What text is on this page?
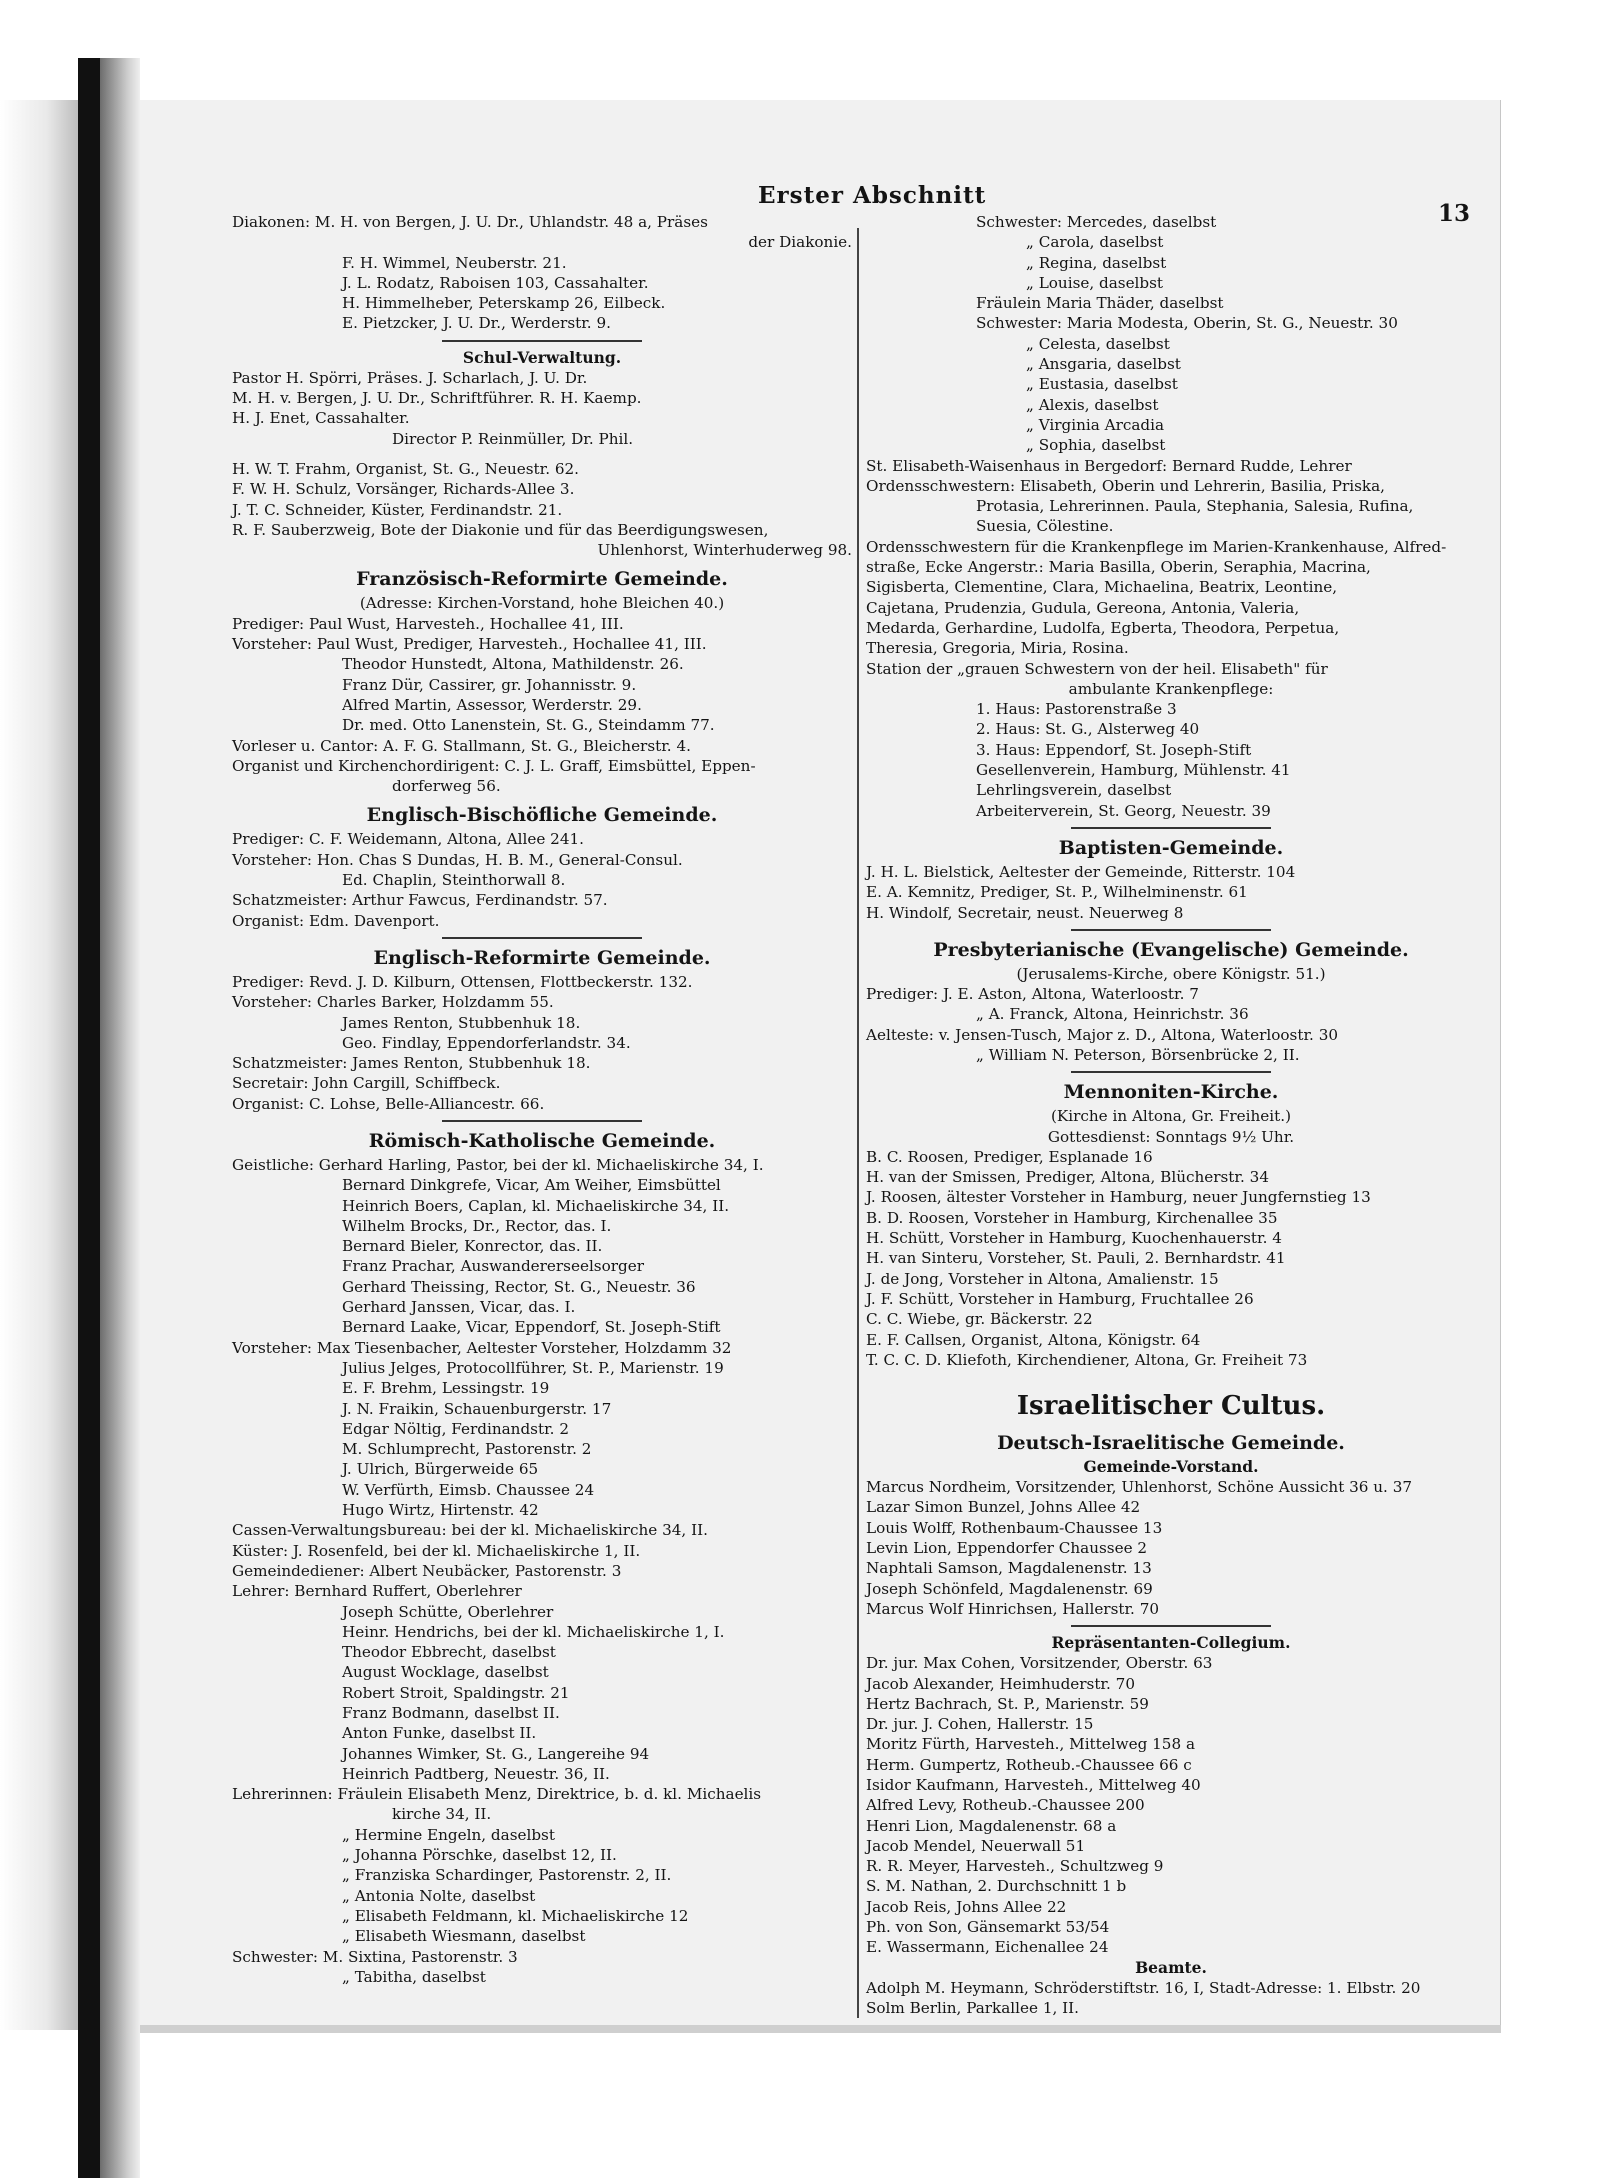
Erster Abschnitt
13
Diakonen: M. H. von Bergen, J. U. Dr., Uhlandstr. 48 a, Präses
der Diakonie.
F. H. Wimmel, Neuberstr. 21.
J. L. Rodatz, Raboisen 103, Cassahalter.
H. Himmelheber, Peterskamp 26, Eilbeck.
E. Pietzcker, J. U. Dr., Werderstr. 9.
Schul-Verwaltung.
Pastor H. Spörri, Präses. J. Scharlach, J. U. Dr.
M. H. v. Bergen, J. U. Dr., Schriftführer. R. H. Kaemp.
H. J. Enet, Cassahalter.
Director P. Reinmüller, Dr. Phil.
H. W. T. Frahm, Organist, St. G., Neuestr. 62.
F. W. H. Schulz, Vorsänger, Richards-Allee 3.
J. T. C. Schneider, Küster, Ferdinandstr. 21.
R. F. Sauberzweig, Bote der Diakonie und für das Beerdigungswesen,
Uhlenhorst, Winterhuderweg 98.
Französisch-Reformirte Gemeinde.
(Adresse: Kirchen-Vorstand, hohe Bleichen 40.)
Prediger: Paul Wust, Harvesteh., Hochallee 41, III.
Vorsteher: Paul Wust, Prediger, Harvesteh., Hochallee 41, III.
Theodor Hunstedt, Altona, Mathildenstr. 26.
Franz Dür, Cassirer, gr. Johannisstr. 9.
Alfred Martin, Assessor, Werderstr. 29.
Dr. med. Otto Lanenstein, St. G., Steindamm 77.
Vorleser u. Cantor: A. F. G. Stallmann, St. G., Bleicherstr. 4.
Organist und Kirchenchordirigent: C. J. L. Graff, Eimsbüttel, Eppen-
dorferweg 56.
Englisch-Bischöfliche Gemeinde.
Prediger: C. F. Weidemann, Altona, Allee 241.
Vorsteher: Hon. Chas S Dundas, H. B. M., General-Consul.
Ed. Chaplin, Steinthorwall 8.
Schatzmeister: Arthur Fawcus, Ferdinandstr. 57.
Organist: Edm. Davenport.
Englisch-Reformirte Gemeinde.
Prediger: Revd. J. D. Kilburn, Ottensen, Flottbeckerstr. 132.
Vorsteher: Charles Barker, Holzdamm 55.
James Renton, Stubbenhuk 18.
Geo. Findlay, Eppendorferlandstr. 34.
Schatzmeister: James Renton, Stubbenhuk 18.
Secretair: John Cargill, Schiffbeck.
Organist: C. Lohse, Belle-Alliancestr. 66.
Römisch-Katholische Gemeinde.
Geistliche: Gerhard Harling, Pastor, bei der kl. Michaeliskirche 34, I.
Bernard Dinkgrefe, Vicar, Am Weiher, Eimsbüttel
Heinrich Boers, Caplan, kl. Michaeliskirche 34, II.
Wilhelm Brocks, Dr., Rector, das. I.
Bernard Bieler, Konrector, das. II.
Franz Prachar, Auswandererseelsorger
Gerhard Theissing, Rector, St. G., Neuestr. 36
Gerhard Janssen, Vicar, das. I.
Bernard Laake, Vicar, Eppendorf, St. Joseph-Stift
Vorsteher: Max Tiesenbacher, Aeltester Vorsteher, Holzdamm 32
Julius Jelges, Protocollführer, St. P., Marienstr. 19
E. F. Brehm, Lessingstr. 19
J. N. Fraikin, Schauenburgerstr. 17
Edgar Nöltig, Ferdinandstr. 2
M. Schlumprecht, Pastorenstr. 2
J. Ulrich, Bürgerweide 65
W. Verfürth, Eimsb. Chaussee 24
Hugo Wirtz, Hirtenstr. 42
Cassen-Verwaltungsbureau: bei der kl. Michaeliskirche 34, II.
Küster: J. Rosenfeld, bei der kl. Michaeliskirche 1, II.
Gemeindediener: Albert Neubäcker, Pastorenstr. 3
Lehrer: Bernhard Ruffert, Oberlehrer
Joseph Schütte, Oberlehrer
Heinr. Hendrichs, bei der kl. Michaeliskirche 1, I.
Theodor Ebbrecht, daselbst
August Wocklage, daselbst
Robert Stroit, Spaldingstr. 21
Franz Bodmann, daselbst II.
Anton Funke, daselbst II.
Johannes Wimker, St. G., Langereihe 94
Heinrich Padtberg, Neuestr. 36, II.
Lehrerinnen: Fräulein Elisabeth Menz, Direktrice, b. d. kl. Michaelis
kirche 34, II.
„ Hermine Engeln, daselbst
„ Johanna Pörschke, daselbst 12, II.
„ Franziska Schardinger, Pastorenstr. 2, II.
„ Antonia Nolte, daselbst
„ Elisabeth Feldmann, kl. Michaeliskirche 12
„ Elisabeth Wiesmann, daselbst
Schwester: M. Sixtina, Pastorenstr. 3
„ Tabitha, daselbst
Schwester: Mercedes, daselbst
„ Carola, daselbst
„ Regina, daselbst
„ Louise, daselbst
Fräulein Maria Thäder, daselbst
Schwester: Maria Modesta, Oberin, St. G., Neuestr. 30
„ Celesta, daselbst
„ Ansgaria, daselbst
„ Eustasia, daselbst
„ Alexis, daselbst
„ Virginia Arcadia
„ Sophia, daselbst
St. Elisabeth-Waisenhaus in Bergedorf: Bernard Rudde, Lehrer
Ordensschwestern: Elisabeth, Oberin und Lehrerin, Basilia, Priska,
Protasia, Lehrerinnen. Paula, Stephania, Salesia, Rufina,
Suesia, Cölestine.
Ordensschwestern für die Krankenpflege im Marien-Krankenhause, Alfred-
straße, Ecke Angerstr.: Maria Basilla, Oberin, Seraphia, Macrina,
Sigisberta, Clementine, Clara, Michaelina, Beatrix, Leontine,
Cajetana, Prudenzia, Gudula, Gereona, Antonia, Valeria,
Medarda, Gerhardine, Ludolfa, Egberta, Theodora, Perpetua,
Theresia, Gregoria, Miria, Rosina.
Station der „grauen Schwestern von der heil. Elisabeth" für
ambulante Krankenpflege:
1. Haus: Pastorenstraße 3
2. Haus: St. G., Alsterweg 40
3. Haus: Eppendorf, St. Joseph-Stift
Gesellenverein, Hamburg, Mühlenstr. 41
Lehrlingsverein, daselbst
Arbeiterverein, St. Georg, Neuestr. 39
Baptisten-Gemeinde.
J. H. L. Bielstick, Aeltester der Gemeinde, Ritterstr. 104
E. A. Kemnitz, Prediger, St. P., Wilhelminenstr. 61
H. Windolf, Secretair, neust. Neuerweg 8
Presbyterianische (Evangelische) Gemeinde.
(Jerusalems-Kirche, obere Königstr. 51.)
Prediger: J. E. Aston, Altona, Waterloostr. 7
„ A. Franck, Altona, Heinrichstr. 36
Aelteste: v. Jensen-Tusch, Major z. D., Altona, Waterloostr. 30
„ William N. Peterson, Börsenbrücke 2, II.
Mennoniten-Kirche.
(Kirche in Altona, Gr. Freiheit.)
Gottesdienst: Sonntags 9½ Uhr.
B. C. Roosen, Prediger, Esplanade 16
H. van der Smissen, Prediger, Altona, Blücherstr. 34
J. Roosen, ältester Vorsteher in Hamburg, neuer Jungfernstieg 13
B. D. Roosen, Vorsteher in Hamburg, Kirchenallee 35
H. Schütt, Vorsteher in Hamburg, Kuochenhauerstr. 4
H. van Sinteru, Vorsteher, St. Pauli, 2. Bernhardstr. 41
J. de Jong, Vorsteher in Altona, Amalienstr. 15
J. F. Schütt, Vorsteher in Hamburg, Fruchtallee 26
C. C. Wiebe, gr. Bäckerstr. 22
E. F. Callsen, Organist, Altona, Königstr. 64
T. C. C. D. Kliefoth, Kirchendiener, Altona, Gr. Freiheit 73
Israelitischer Cultus.
Deutsch-Israelitische Gemeinde.
Gemeinde-Vorstand.
Marcus Nordheim, Vorsitzender, Uhlenhorst, Schöne Aussicht 36 u. 37
Lazar Simon Bunzel, Johns Allee 42
Louis Wolff, Rothenbaum-Chaussee 13
Levin Lion, Eppendorfer Chaussee 2
Naphtali Samson, Magdalenenstr. 13
Joseph Schönfeld, Magdalenenstr. 69
Marcus Wolf Hinrichsen, Hallerstr. 70
Repräsentanten-Collegium.
Dr. jur. Max Cohen, Vorsitzender, Oberstr. 63
Jacob Alexander, Heimhuderstr. 70
Hertz Bachrach, St. P., Marienstr. 59
Dr. jur. J. Cohen, Hallerstr. 15
Moritz Fürth, Harvesteh., Mittelweg 158 a
Herm. Gumpertz, Rotheub.-Chaussee 66 c
Isidor Kaufmann, Harvesteh., Mittelweg 40
Alfred Levy, Rotheub.-Chaussee 200
Henri Lion, Magdalenenstr. 68 a
Jacob Mendel, Neuerwall 51
R. R. Meyer, Harvesteh., Schultzweg 9
S. M. Nathan, 2. Durchschnitt 1 b
Jacob Reis, Johns Allee 22
Ph. von Son, Gänsemarkt 53/54
E. Wassermann, Eichenallee 24
Beamte.
Adolph M. Heymann, Schröderstiftstr. 16, I, Stadt-Adresse: 1. Elbstr. 20
Solm Berlin, Parkallee 1, II.
